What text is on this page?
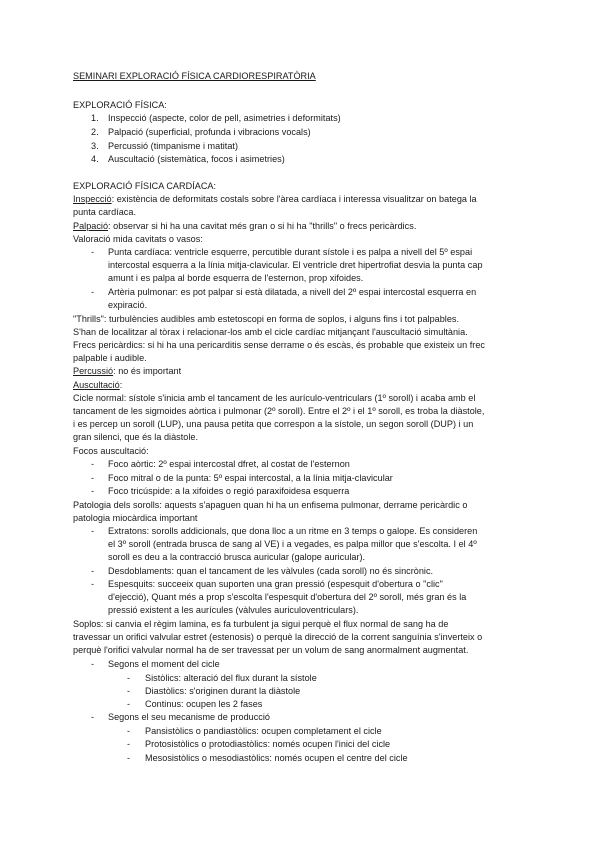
SEMINARI EXPLORACIÓ FÍSICA CARDIORESPIRATÒRIA
EXPLORACIÓ FÍSICA:
1. Inspecció (aspecte, color de pell, asimetries i deformitats)
2. Palpació (superficial, profunda i vibracions vocals)
3. Percussió (timpanisme i matitat)
4. Auscultació (sistemàtica, focos i asimetries)
EXPLORACIÓ FÍSICA CARDÍACA:
Inspecció: existència de deformitats costals sobre l'àrea cardíaca i interessa visualitzar on batega la
punta cardíaca.
Palpació: observar si hi ha una cavitat més gran o si hi ha "thrills" o frecs pericàrdics.
Valoració mida cavitats o vasos:
- Punta cardíaca: ventricle esquerre, percutible durant sístole i es palpa a nivell del 5º espai
intercostal esquerra a la línia mitja-clavicular. El ventricle dret hipertrofiat desvia la punta cap
amunt i es palpa al borde esquerra de l'esternon, prop xifoides.
- Artèria pulmonar: es pot palpar si està dilatada, a nivell del 2º espai intercostal esquerra en
expiració.
"Thrills": turbulències audibles amb estetoscopi en forma de soplos, i alguns fins i tot palpables.
S'han de localitzar al tòrax i relacionar-los amb el cicle cardíac mitjançant l'auscultació simultània.
Frecs pericàrdics: si hi ha una pericarditis sense derrame o és escàs, és probable que existeix un frec
palpable i audible.
Percussió: no és important
Auscultació:
Cicle normal: sístole s'inicia amb el tancament de les aurículo-ventriculars (1º soroll) i acaba amb el
tancament de les sigmoides aòrtica i pulmonar (2º soroll). Entre el 2º i el 1º soroll, es troba la diàstole,
i es percep un soroll (LUP), una pausa petita que correspon a la sístole, un segon soroll (DUP) i un
gran silenci, que és la diàstole.
Focos auscultació:
- Foco aòrtic: 2º espai intercostal dfret, al costat de l'esternon
- Foco mitral o de la punta: 5º espai intercostal, a la línia mitja-clavicular
- Foco tricúspide: a la xifoides o regió paraxifoidesa esquerra
Patologia dels sorolls: aquests s'apaguen quan hi ha un enfisema pulmonar, derrame pericàrdic o
patologia miocàrdica important
- Extratons: sorolls addicionals, que dona lloc a un ritme en 3 temps o galope. Es consideren
el 3º soroll (entrada brusca de sang al VE) i a vegades, es palpa millor que s'escolta. I el 4º
soroll es deu a la contracció brusca auricular (galope auricular).
- Desdoblaments: quan el tancament de les vàlvules (cada soroll) no és sincrònic.
- Espesquits: succeeix quan suporten una gran pressió (espesquit d'obertura o "clic"
d'ejecció), Quant més a prop s'escolta l'espesquit d'obertura del 2º soroll, més gran és la
pressió existent a les aurícules (vàlvules auriculoventriculars).
Soplos: si canvia el règim lamina, es fa turbulent ja sigui perquè el flux normal de sang ha de
travessar un orifici valvular estret (estenosis) o perquè la direcció de la corrent sanguínia s'inverteix o
perquè l'orifici valvular normal ha de ser travessat per un volum de sang anormalment augmentat.
- Segons el moment del cicle
- Sistòlics: alteració del flux durant la sístole
- Diastòlics: s'originen durant la diàstole
- Continus: ocupen les 2 fases
- Segons el seu mecanisme de producció
- Pansistòlics o pandiastòlics: ocupen completament el cicle
- Protosistòlics o protodiastòlics: només ocupen l'inici del cicle
- Mesosistòlics o mesodiastòlics: només ocupen el centre del cicle
